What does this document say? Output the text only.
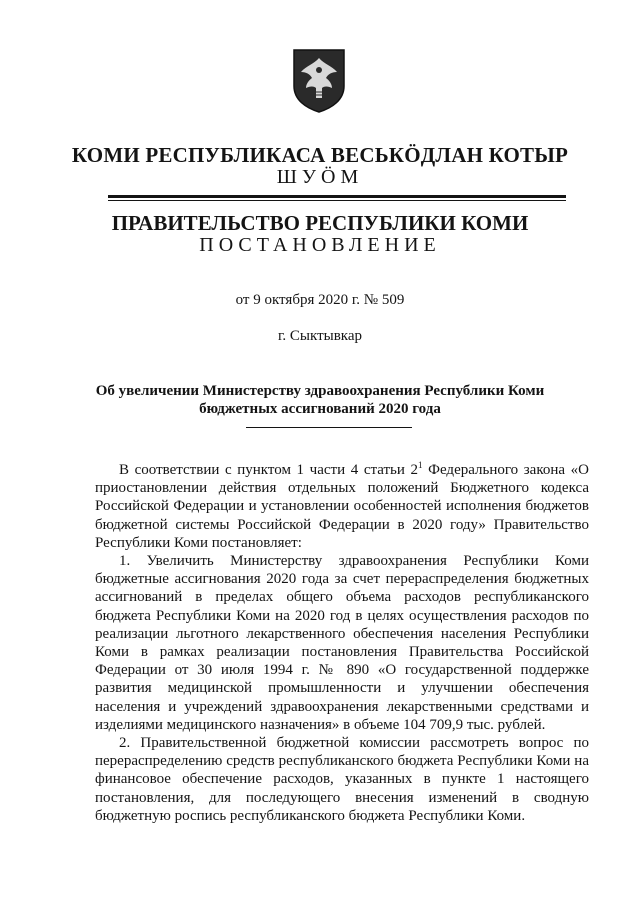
КОМИ РЕСПУБЛИКАСА ВЕСЬКÖДЛАН КОТЫР
ШУÖМ
ПРАВИТЕЛЬСТВО РЕСПУБЛИКИ КОМИ
ПОСТАНОВЛЕНИЕ
от 9 октября 2020 г. № 509
г. Сыктывкар
Об увеличении Министерству здравоохранения Республики Коми
бюджетных ассигнований 2020 года

В соответствии с пунктом 1 части 4 статьи $2^1$ Федерального закона «О приостановлении действия отдельных положений Бюджетного кодекса Российской Федерации и установлении особенностей исполнения бюджетов бюджетной системы Российской Федерации в 2020 году» Правительство Республики Коми постановляет:

1. Увеличить Министерству здравоохранения Республики Коми бюджетные ассигнования 2020 года за счет перераспределения бюджетных ассигнований в пределах общего объема расходов республиканского бюджета Республики Коми на 2020 год в целях осуществления расходов по реализации льготного лекарственного обеспечения населения Республики Коми в рамках реализации постановления Правительства Российской Федерации от 30 июля 1994 г. № 890 «О государственной поддержке развития медицинской промышленности и улучшении обеспечения населения и учреждений здравоохранения лекарственными средствами и изделиями медицинского назначения» в объеме 104 709,9 тыс. рублей.

2. Правительственной бюджетной комиссии рассмотреть вопрос по перераспределению средств республиканского бюджета Республики Коми на финансовое обеспечение расходов, указанных в пункте 1 настоящего постановления, для последующего внесения изменений в сводную бюджетную роспись республиканского бюджета Республики Коми.
